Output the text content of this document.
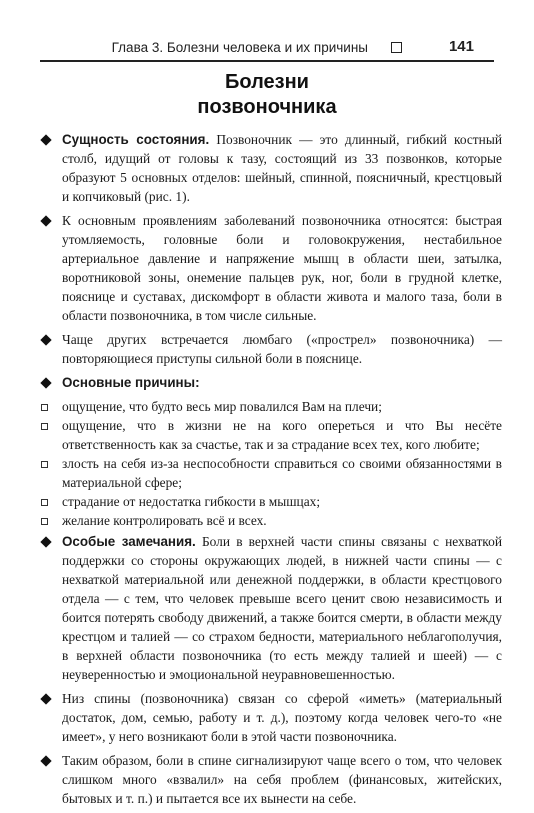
Глава 3. Болезни человека и их причины	141
Болезни
позвоночника
Сущность состояния. Позвоночник — это длинный, гибкий костный столб, идущий от головы к тазу, состоящий из 33 позвонков, которые образуют 5 основных отделов: шейный, спинной, поясничный, крестцовый и копчиковый (рис. 1).
К основным проявлениям заболеваний позвоночника относятся: быстрая утомляемость, головные боли и головокружения, нестабильное артериальное давление и напряжение мышц в области шеи, затылка, воротниковой зоны, онемение пальцев рук, ног, боли в грудной клетке, пояснице и суставах, дискомфорт в области живота и малого таза, боли в области позвоночника, в том числе сильные.
Чаще других встречается люмбаго («прострел» позвоночника) — повторяющиеся приступы сильной боли в пояснице.
Основные причины:
ощущение, что будто весь мир повалился Вам на плечи;
ощущение, что в жизни не на кого опереться и что Вы несёте ответственность как за счастье, так и за страдание всех тех, кого любите;
злость на себя из-за неспособности справиться со своими обязанностями в материальной сфере;
страдание от недостатка гибкости в мышцах;
желание контролировать всё и всех.
Особые замечания. Боли в верхней части спины связаны с нехваткой поддержки со стороны окружающих людей, в нижней части спины — с нехваткой материальной или денежной поддержки, в области крестцового отдела — с тем, что человек превыше всего ценит свою независимость и боится потерять свободу движений, а также боится смерти, в области между крестцом и талией — со страхом бедности, материального неблагополучия, в верхней области позвоночника (то есть между талией и шеей) — с неуверенностью и эмоциональной неуравновешенностью.
Низ спины (позвоночника) связан со сферой «иметь» (материальный достаток, дом, семью, работу и т. д.), поэтому когда человек чего-то «не имеет», у него возникают боли в этой части позвоночника.
Таким образом, боли в спине сигнализируют чаще всего о том, что человек слишком много «взвалил» на себя проблем (финансовых, житейских, бытовых и т. п.) и пытается все их вынести на себе.
